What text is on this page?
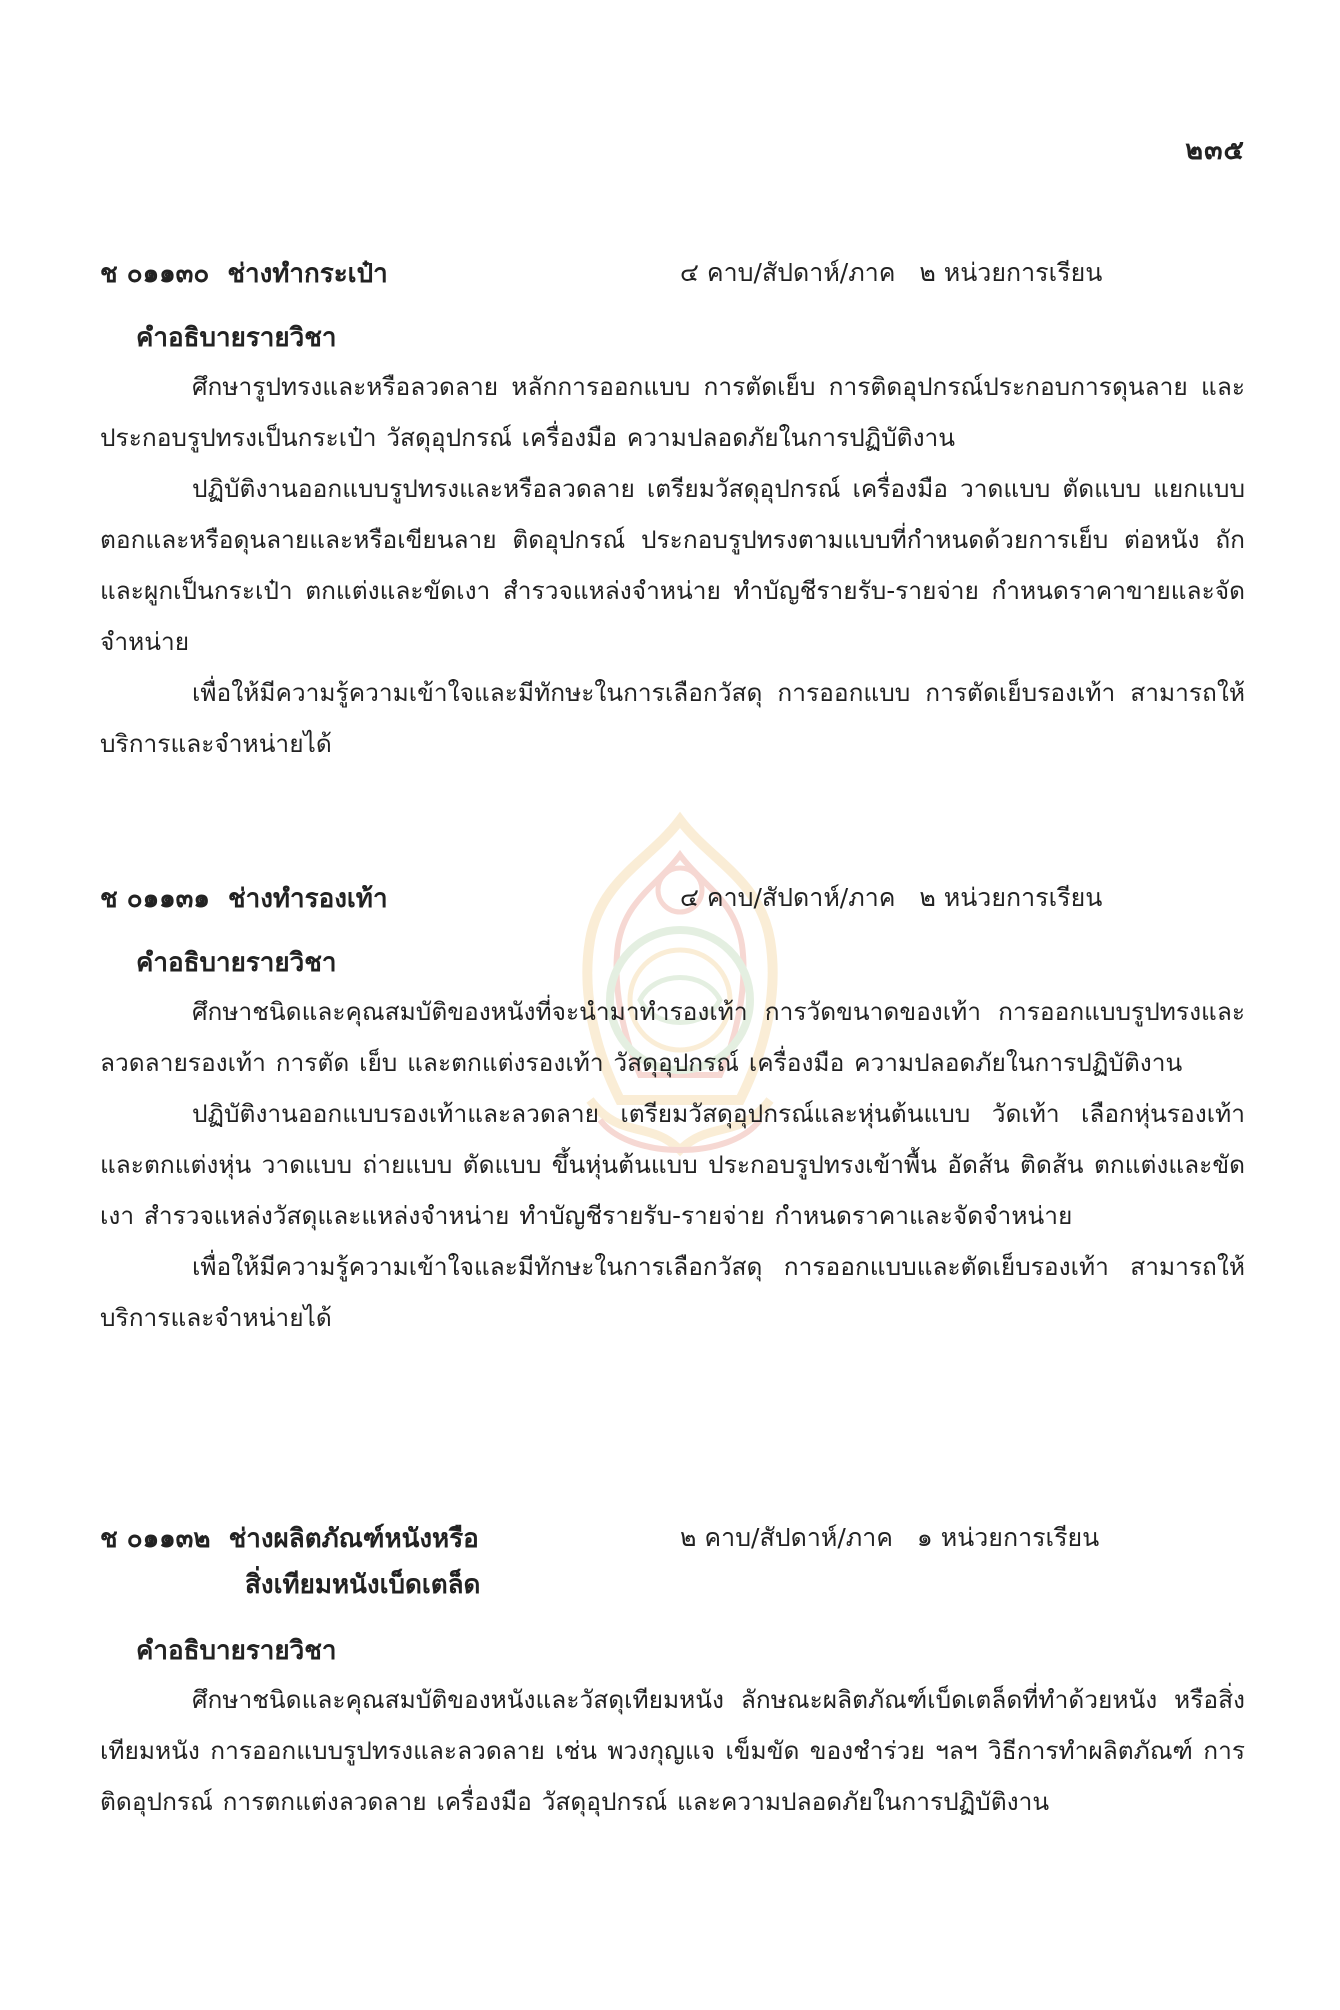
๒๓๕
ช ๐๑๑๓๐ ช่างทำกระเป๋า	๔ คาบ/สัปดาห์/ภาค ๒ หน่วยการเรียน
คำอธิบายรายวิชา

ศึกษารูปทรงและหรือลวดลาย หลักการออกแบบ การตัดเย็บ การติดอุปกรณ์ประกอบการดุนลาย และประกอบรูปทรงเป็นกระเป๋า วัสดุอุปกรณ์ เครื่องมือ ความปลอดภัยในการปฏิบัติงาน

ปฏิบัติงานออกแบบรูปทรงและหรือลวดลาย เตรียมวัสดุอุปกรณ์ เครื่องมือ วาดแบบ ตัดแบบ แยกแบบ ตอกและหรือดุนลายและหรือเขียนลาย ติดอุปกรณ์ ประกอบรูปทรงตามแบบที่กำหนดด้วยการเย็บ ต่อหนัง ถัก และผูกเป็นกระเป๋า ตกแต่งและขัดเงา สำรวจแหล่งจำหน่าย ทำบัญชีรายรับ-รายจ่าย กำหนดราคาขายและจัดจำหน่าย

เพื่อให้มีความรู้ความเข้าใจและมีทักษะในการเลือกวัสดุ การออกแบบ การตัดเย็บรองเท้า สามารถให้บริการและจำหน่ายได้

ช ๐๑๑๓๑ ช่างทำรองเท้า	๔ คาบ/สัปดาห์/ภาค ๒ หน่วยการเรียน
คำอธิบายรายวิชา

ศึกษาชนิดและคุณสมบัติของหนังที่จะนำมาทำรองเท้า การวัดขนาดของเท้า การออกแบบรูปทรงและลวดลายรองเท้า การตัด เย็บ และตกแต่งรองเท้า วัสดุอุปกรณ์ เครื่องมือ ความปลอดภัยในการปฏิบัติงาน

ปฏิบัติงานออกแบบรองเท้าและลวดลาย เตรียมวัสดุอุปกรณ์และหุ่นต้นแบบ วัดเท้า เลือกหุ่นรองเท้าและตกแต่งหุ่น วาดแบบ ถ่ายแบบ ตัดแบบ ขึ้นหุ่นต้นแบบ ประกอบรูปทรงเข้าพื้น อัดส้น ติดส้น ตกแต่งและขัดเงา สำรวจแหล่งวัสดุและแหล่งจำหน่าย ทำบัญชีรายรับ-รายจ่าย กำหนดราคาและจัดจำหน่าย

เพื่อให้มีความรู้ความเข้าใจและมีทักษะในการเลือกวัสดุ การออกแบบและตัดเย็บรองเท้า สามารถให้บริการและจำหน่ายได้

ช ๐๑๑๓๒ ช่างผลิตภัณฑ์หนังหรือ
สิ่งเทียมหนังเบ็ดเตล็ด
๒ คาบ/สัปดาห์/ภาค ๑ หน่วยการเรียน
คำอธิบายรายวิชา

ศึกษาชนิดและคุณสมบัติของหนังและวัสดุเทียมหนัง ลักษณะผลิตภัณฑ์เบ็ดเตล็ดที่ทำด้วยหนัง หรือสิ่งเทียมหนัง การออกแบบรูปทรงและลวดลาย เช่น พวงกุญแจ เข็มขัด ของชำร่วย ฯลฯ วิธีการทำผลิตภัณฑ์ การติดอุปกรณ์ การตกแต่งลวดลาย เครื่องมือ วัสดุอุปกรณ์ และความปลอดภัยในการปฏิบัติงาน
